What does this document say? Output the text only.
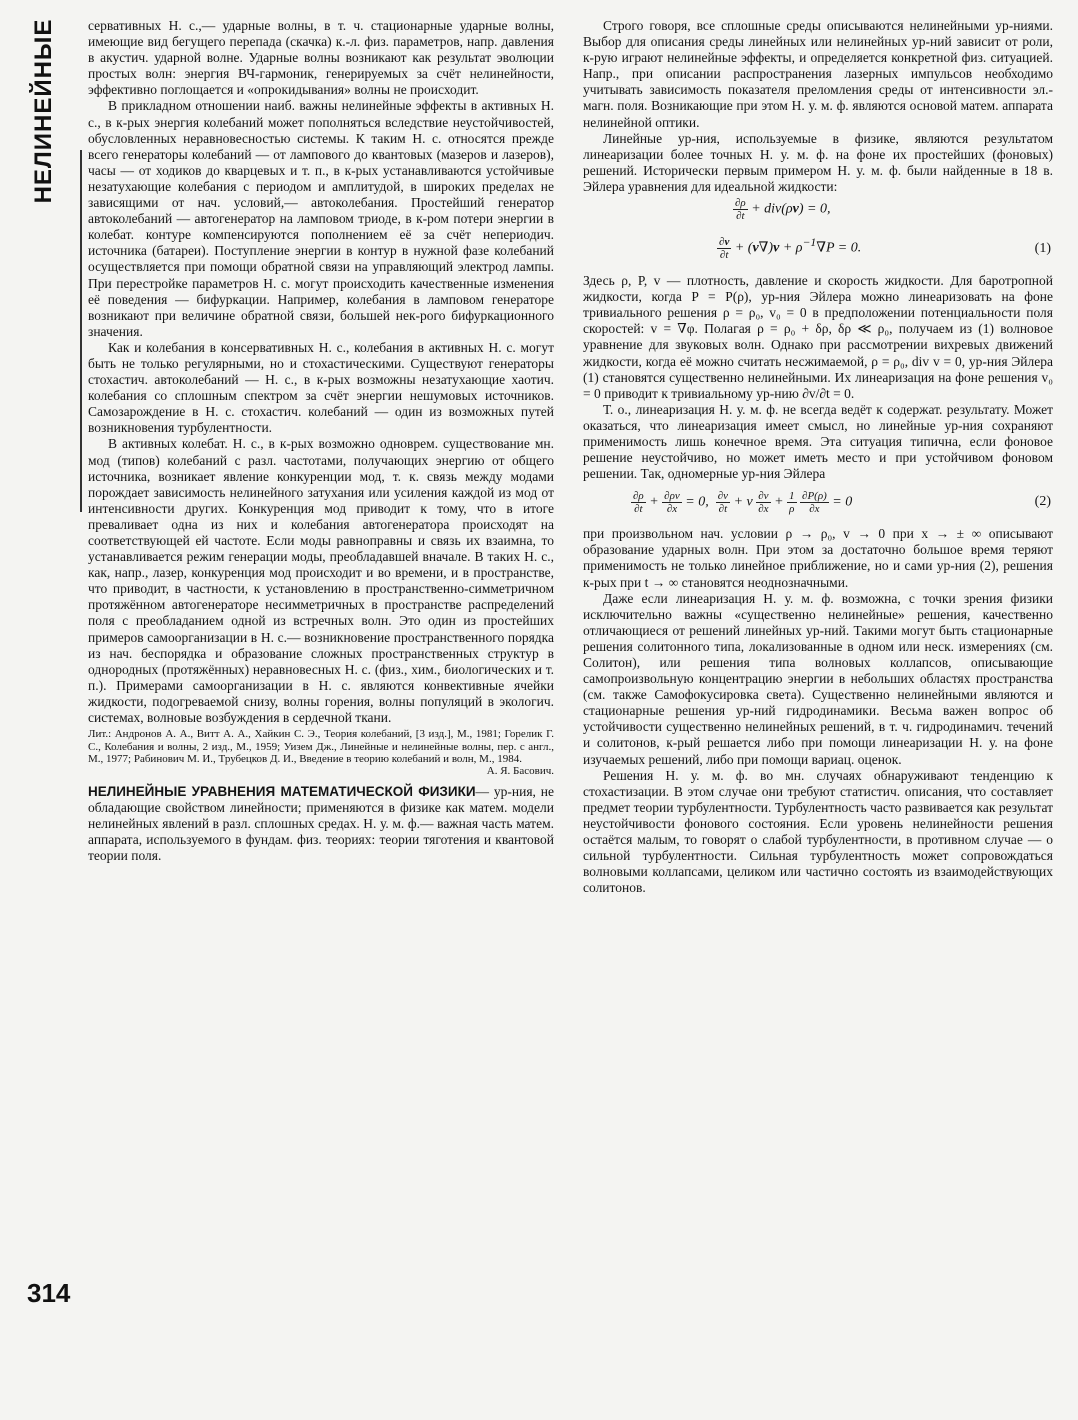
НЕЛИНЕЙНЫЕ
314

сервативных Н. с.,— ударные волны, в т. ч. стационарные ударные волны, имеющие вид бегущего перепада (скачка) к.-л. физ. параметров, напр. давления в акустич. ударной волне. Ударные волны возникают как результат эволюции простых волн: энергия ВЧ-гармоник, генерируемых за счёт нелинейности, эффективно поглощается и «опрокидывания» волны не происходит.

В прикладном отношении наиб. важны нелинейные эффекты в активных Н. с., в к-рых энергия колебаний может пополняться вследствие неустойчивостей, обусловленных неравновесностью системы. К таким Н. с. относятся прежде всего генераторы колебаний — от лампового до квантовых (мазеров и лазеров), часы — от ходиков до кварцевых и т. п., в к-рых устанавливаются устойчивые незатухающие колебания с периодом и амплитудой, в широких пределах не зависящими от нач. условий,— автоколебания. Простейший генератор автоколебаний — автогенератор на ламповом триоде, в к-ром потери энергии в колебат. контуре компенсируются пополнением её за счёт непериодич. источника (батареи). Поступление энергии в контур в нужной фазе колебаний осуществляется при помощи обратной связи на управляющий электрод лампы. При перестройке параметров Н. с. могут происходить качественные изменения её поведения — бифуркации. Например, колебания в ламповом генераторе возникают при величине обратной связи, большей нек-рого бифуркационного значения.

Как и колебания в консервативных Н. с., колебания в активных Н. с. могут быть не только регулярными, но и стохастическими. Существуют генераторы стохастич. автоколебаний — Н. с., в к-рых возможны незатухающие хаотич. колебания со сплошным спектром за счёт энергии нешумовых источников. Самозарождение в Н. с. стохастич. колебаний — один из возможных путей возникновения турбулентности.

В активных колебат. Н. с., в к-рых возможно одноврем. существование мн. мод (типов) колебаний с разл. частотами, получающих энергию от общего источника, возникает явление конкуренции мод, т. к. связь между модами порождает зависимость нелинейного затухания или усиления каждой из мод от интенсивности других. Конкуренция мод приводит к тому, что в итоге преваливает одна из них и колебания автогенератора происходят на соответствующей ей частоте. Если моды равноправны и связь их взаимна, то устанавливается режим генерации моды, преобладавшей вначале. В таких Н. с., как, напр., лазер, конкуренция мод происходит и во времени, и в пространстве, что приводит, в частности, к установлению в пространственно-симметричном протяжённом автогенераторе несимметричных в пространстве распределений поля с преобладанием одной из встречных волн. Это один из простейших примеров самоорганизации в Н. с.— возникновение пространственного порядка из нач. беспорядка и образование сложных пространственных структур в однородных (протяжённых) неравновесных Н. с. (физ., хим., биологических и т. п.). Примерами самоорганизации в Н. с. являются конвективные ячейки жидкости, подогреваемой снизу, волны горения, волны популяций в экологич. системах, волновые возбуждения в сердечной ткани.

Лит.: Андронов А. А., Витт А. А., Хайкин С. Э., Теория колебаний, [3 изд.], М., 1981; Горелик Г. С., Колебания и волны, 2 изд., М., 1959; Уизем Дж., Линейные и нелинейные волны, пер. с англ., М., 1977; Рабинович М. И., Трубецков Д. И., Введение в теорию колебаний и волн, М., 1984.
А. Я. Басович.

НЕЛИНЕЙНЫЕ УРАВНЕНИЯ МАТЕМАТИЧЕСКОЙ ФИЗИКИ— ур-ния, не обладающие свойством линейности; применяются в физике как матем. модели нелинейных явлений в разл. сплошных средах. Н. у. м. ф.— важная часть матем. аппарата, используемого в фундам. физ. теориях: теории тяготения и квантовой теории поля.

Строго говоря, все сплошные среды описываются нелинейными ур-ниями. Выбор для описания среды линейных или нелинейных ур-ний зависит от роли, к-рую играют нелинейные эффекты, и определяется конкретной физ. ситуацией. Напр., при описании распространения лазерных импульсов необходимо учитывать зависимость показателя преломления среды от интенсивности эл.-магн. поля. Возникающие при этом Н. у. м. ф. являются основой матем. аппарата нелинейной оптики.

Линейные ур-ния, используемые в физике, являются результатом линеаризации более точных Н. у. м. ф. на фоне их простейших (фоновых) решений. Исторически первым примером Н. у. м. ф. были найденные в 18 в. Эйлера уравнения для идеальной жидкости:

$\frac{\partial\rho}{\partial t} + div(\rho v) = 0$,
$\frac{\partial v}{\partial t} + (v\nabla)v + \rho^{-1}\nabla P = 0$.	(1)

Здесь ρ, P, v — плотность, давление и скорость жидкости. Для баротропной жидкости, когда P = P(ρ), ур-ния Эйлера можно линеаризовать на фоне тривиального решения ρ = ρ₀, v₀ = 0 в предположении потенциальности поля скоростей: v = ∇φ. Полагая ρ = ρ₀ + δρ, δρ ≪ ρ₀, получаем из (1) волновое уравнение для звуковых волн. Однако при рассмотрении вихревых движений жидкости, когда её можно считать несжимаемой, ρ = ρ₀, div v = 0, ур-ния Эйлера (1) становятся существенно нелинейными. Их линеаризация на фоне решения v₀ = 0 приводит к тривиальному ур-нию ∂v/∂t = 0.

Т. о., линеаризация Н. у. м. ф. не всегда ведёт к содержат. результату. Может оказаться, что линеаризация имеет смысл, но линейные ур-ния сохраняют применимость лишь конечное время. Эта ситуация типична, если фоновое решение неустойчиво, но может иметь место и при устойчивом фоновом решении. Так, одномерные ур-ния Эйлера

$\frac{\partial\rho}{\partial t} + \frac{\partial\rho v}{\partial x} = 0$, $\frac{\partial v}{\partial t} + v \frac{\partial v}{\partial x} + \frac{1}{\rho}$
$\frac{\partial P(\rho)}{\partial x} = 0$	(2)

при произвольном нач. условии ρ → ρ₀, v → 0 при x → ± ∞ описывают образование ударных волн. При этом за достаточно большое время теряют применимость не только линейное приближение, но и сами ур-ния (2), решения к-рых при t → ∞ становятся неоднозначными.

Даже если линеаризация Н. у. м. ф. возможна, с точки зрения физики исключительно важны «существенно нелинейные» решения, качественно отличающиеся от решений линейных ур-ний. Такими могут быть стационарные решения солитонного типа, локализованные в одном или неск. измерениях (см. Солитон), или решения типа волновых коллапсов, описывающие самопроизвольную концентрацию энергии в небольших областях пространства (см. также Самофокусировка света). Существенно нелинейными являются и стационарные решения ур-ний гидродинамики. Весьма важен вопрос об устойчивости существенно нелинейных решений, в т. ч. гидродинамич. течений и солитонов, к-рый решается либо при помощи линеаризации Н. у. на фоне изучаемых решений, либо при помощи вариац. оценок.

Решения Н. у. м. ф. во мн. случаях обнаруживают тенденцию к стохастизации. В этом случае они требуют статистич. описания, что составляет предмет теории турбулентности. Турбулентность часто развивается как результат неустойчивости фонового состояния. Если уровень нелинейности решения остаётся малым, то говорят о слабой турбулентности, в противном случае — о сильной турбулентности. Сильная турбулентность может сопровождаться волновыми коллапсами, целиком или частично состоять из взаимодействующих солитонов.
